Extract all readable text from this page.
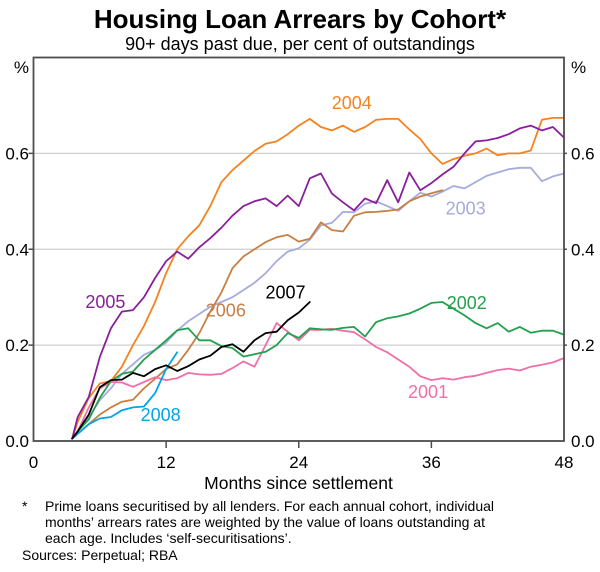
Housing Loan Arrears by Cohort*
90+ days past due, per cent of outstandings
0.0	0.0
0.2	0.2
0.4	0.4
0.6	0.6
%	%
0	12	24	36	48
2001
2002
2003
2004
2005	2006
2007
2008
Months since settlement
* Prime loans securitised by all lenders. For each annual cohort, individual
months’ arrears rates are weighted by the value of loans outstanding at
each age. Includes ‘self-securitisations’.
Sources: Perpetual; RBA
